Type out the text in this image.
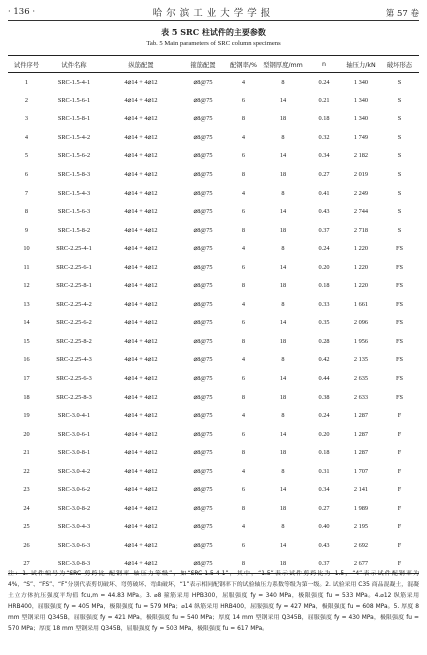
· 136 ·	哈尔滨工业大学学报	第 57 卷
表 5 SRC 柱试件的主要参数
Tab. 5 Main parameters of SRC column specimens
试件序号	试件名称	纵筋配置	箍筋配置	配钢率/%	型钢厚度/mm	n	轴压力/kN	破坏形态
1	SRC-1.5-4-1	4⌀14 + 4⌀12	⌀8@75	4	8	0.24	1 340	S
2	SRC-1.5-6-1	4⌀14 + 4⌀12	⌀8@75	6	14	0.21	1 340	S
3	SRC-1.5-8-1	4⌀14 + 4⌀12	⌀8@75	8	18	0.18	1 340	S
4	SRC-1.5-4-2	4⌀14 + 4⌀12	⌀8@75	4	8	0.32	1 749	S
5	SRC-1.5-6-2	4⌀14 + 4⌀12	⌀8@75	6	14	0.34	2 182	S
6	SRC-1.5-8-3	4⌀14 + 4⌀12	⌀8@75	8	18	0.27	2 019	S
7	SRC-1.5-4-3	4⌀14 + 4⌀12	⌀8@75	4	8	0.41	2 249	S
8	SRC-1.5-6-3	4⌀14 + 4⌀12	⌀8@75	6	14	0.43	2 744	S
9	SRC-1.5-8-2	4⌀14 + 4⌀12	⌀8@75	8	18	0.37	2 718	S
10	SRC-2.25-4-1	4⌀14 + 4⌀12	⌀8@75	4	8	0.24	1 220	FS
11	SRC-2.25-6-1	4⌀14 + 4⌀12	⌀8@75	6	14	0.20	1 220	FS
12	SRC-2.25-8-1	4⌀14 + 4⌀12	⌀8@75	8	18	0.18	1 220	FS
13	SRC-2.25-4-2	4⌀14 + 4⌀12	⌀8@75	4	8	0.33	1 661	FS
14	SRC-2.25-6-2	4⌀14 + 4⌀12	⌀8@75	6	14	0.35	2 096	FS
15	SRC-2.25-8-2	4⌀14 + 4⌀12	⌀8@75	8	18	0.28	1 956	FS
16	SRC-2.25-4-3	4⌀14 + 4⌀12	⌀8@75	4	8	0.42	2 135	FS
17	SRC-2.25-6-3	4⌀14 + 4⌀12	⌀8@75	6	14	0.44	2 635	FS
18	SRC-2.25-8-3	4⌀14 + 4⌀12	⌀8@75	8	18	0.38	2 633	FS
19	SRC-3.0-4-1	4⌀14 + 4⌀12	⌀8@75	4	8	0.24	1 287	F
20	SRC-3.0-6-1	4⌀14 + 4⌀12	⌀8@75	6	14	0.20	1 287	F
21	SRC-3.0-8-1	4⌀14 + 4⌀12	⌀8@75	8	18	0.18	1 287	F
22	SRC-3.0-4-2	4⌀14 + 4⌀12	⌀8@75	4	8	0.31	1 707	F
23	SRC-3.0-6-2	4⌀14 + 4⌀12	⌀8@75	6	14	0.34	2 141	F
24	SRC-3.0-8-2	4⌀14 + 4⌀12	⌀8@75	8	18	0.27	1 989	F
25	SRC-3.0-4-3	4⌀14 + 4⌀12	⌀8@75	4	8	0.40	2 195	F
26	SRC-3.0-6-3	4⌀14 + 4⌀12	⌀8@75	6	14	0.43	2 692	F
27	SRC-3.0-8-3	4⌀14 + 4⌀12	⌀8@75	8	18	0.37	2 677	F
注：1. 试件编号为“SRC-剪跨比-配钢率-轴压力等级”，如“SRC-1.5-4-1”，其中，“1.5”表示试件剪跨比为 1.5，“4”表示试件配钢率为 4%，“S”、“FS”、“F”分别代表剪切破坏、弯剪破坏、弯曲破坏，“1”表示相同配钢率下的试验轴压力系数等级为第一级。2. 试验采用 C35 商品混凝土，混凝土立方体抗压强度平均值 fcu,m = 44.83 MPa。3. ⌀8 箍筋采用 HPB300，屈服强度 fy = 340 MPa，极限强度 fu = 533 MPa。4.⌀12 纵筋采用 HRB400，屈服强度 fy = 405 MPa，极限强度 fu = 579 MPa；⌀14 纵筋采用 HRB400，屈服强度 fy = 427 MPa，极限强度 fu = 608 MPa。5. 厚度 8 mm 型钢采用 Q345B，屈服强度 fy = 421 MPa，极限强度 fu = 540 MPa；厚度 14 mm 型钢采用 Q345B，屈服强度 fy = 430 MPa，极限强度 fu = 570 MPa；厚度 18 mm 型钢采用 Q345B，屈服强度 fy = 503 MPa，极限强度 fu = 617 MPa。
